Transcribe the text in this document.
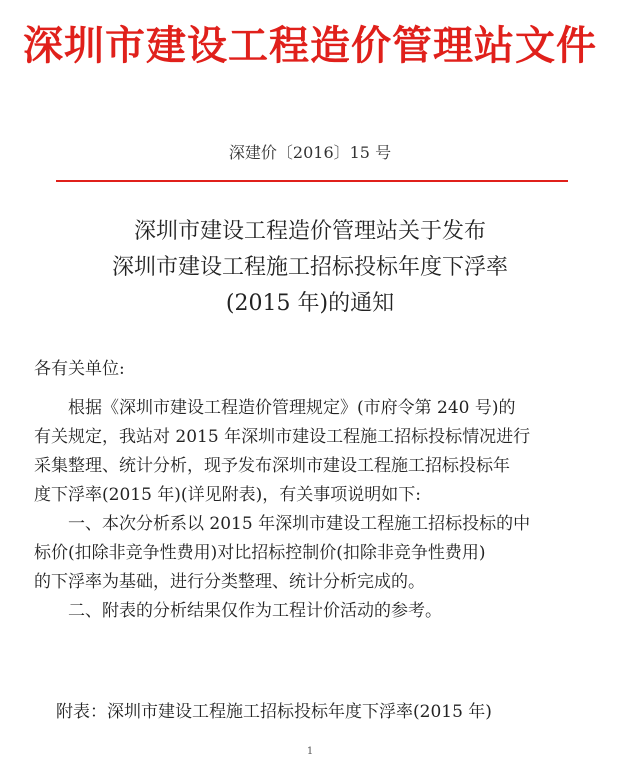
深圳市建设工程造价管理站文件
深建价〔2016〕15 号
深圳市建设工程造价管理站关于发布
深圳市建设工程施工招标投标年度下浮率
(2015 年)的通知
各有关单位:

　　根据《深圳市建设工程造价管理规定》(市府令第 240 号)的
有关规定，我站对 2015 年深圳市建设工程施工招标投标情况进行
采集整理、统计分析，现予发布深圳市建设工程施工招标投标年
度下浮率(2015 年)(详见附表)，有关事项说明如下:

　　一、本次分析系以 2015 年深圳市建设工程施工招标投标的中
标价(扣除非竞争性费用)对比招标控制价(扣除非竞争性费用)
的下浮率为基础，进行分类整理、统计分析完成的。

　　二、附表的分析结果仅作为工程计价活动的参考。

附表：深圳市建设工程施工招标投标年度下浮率(2015 年)
1
